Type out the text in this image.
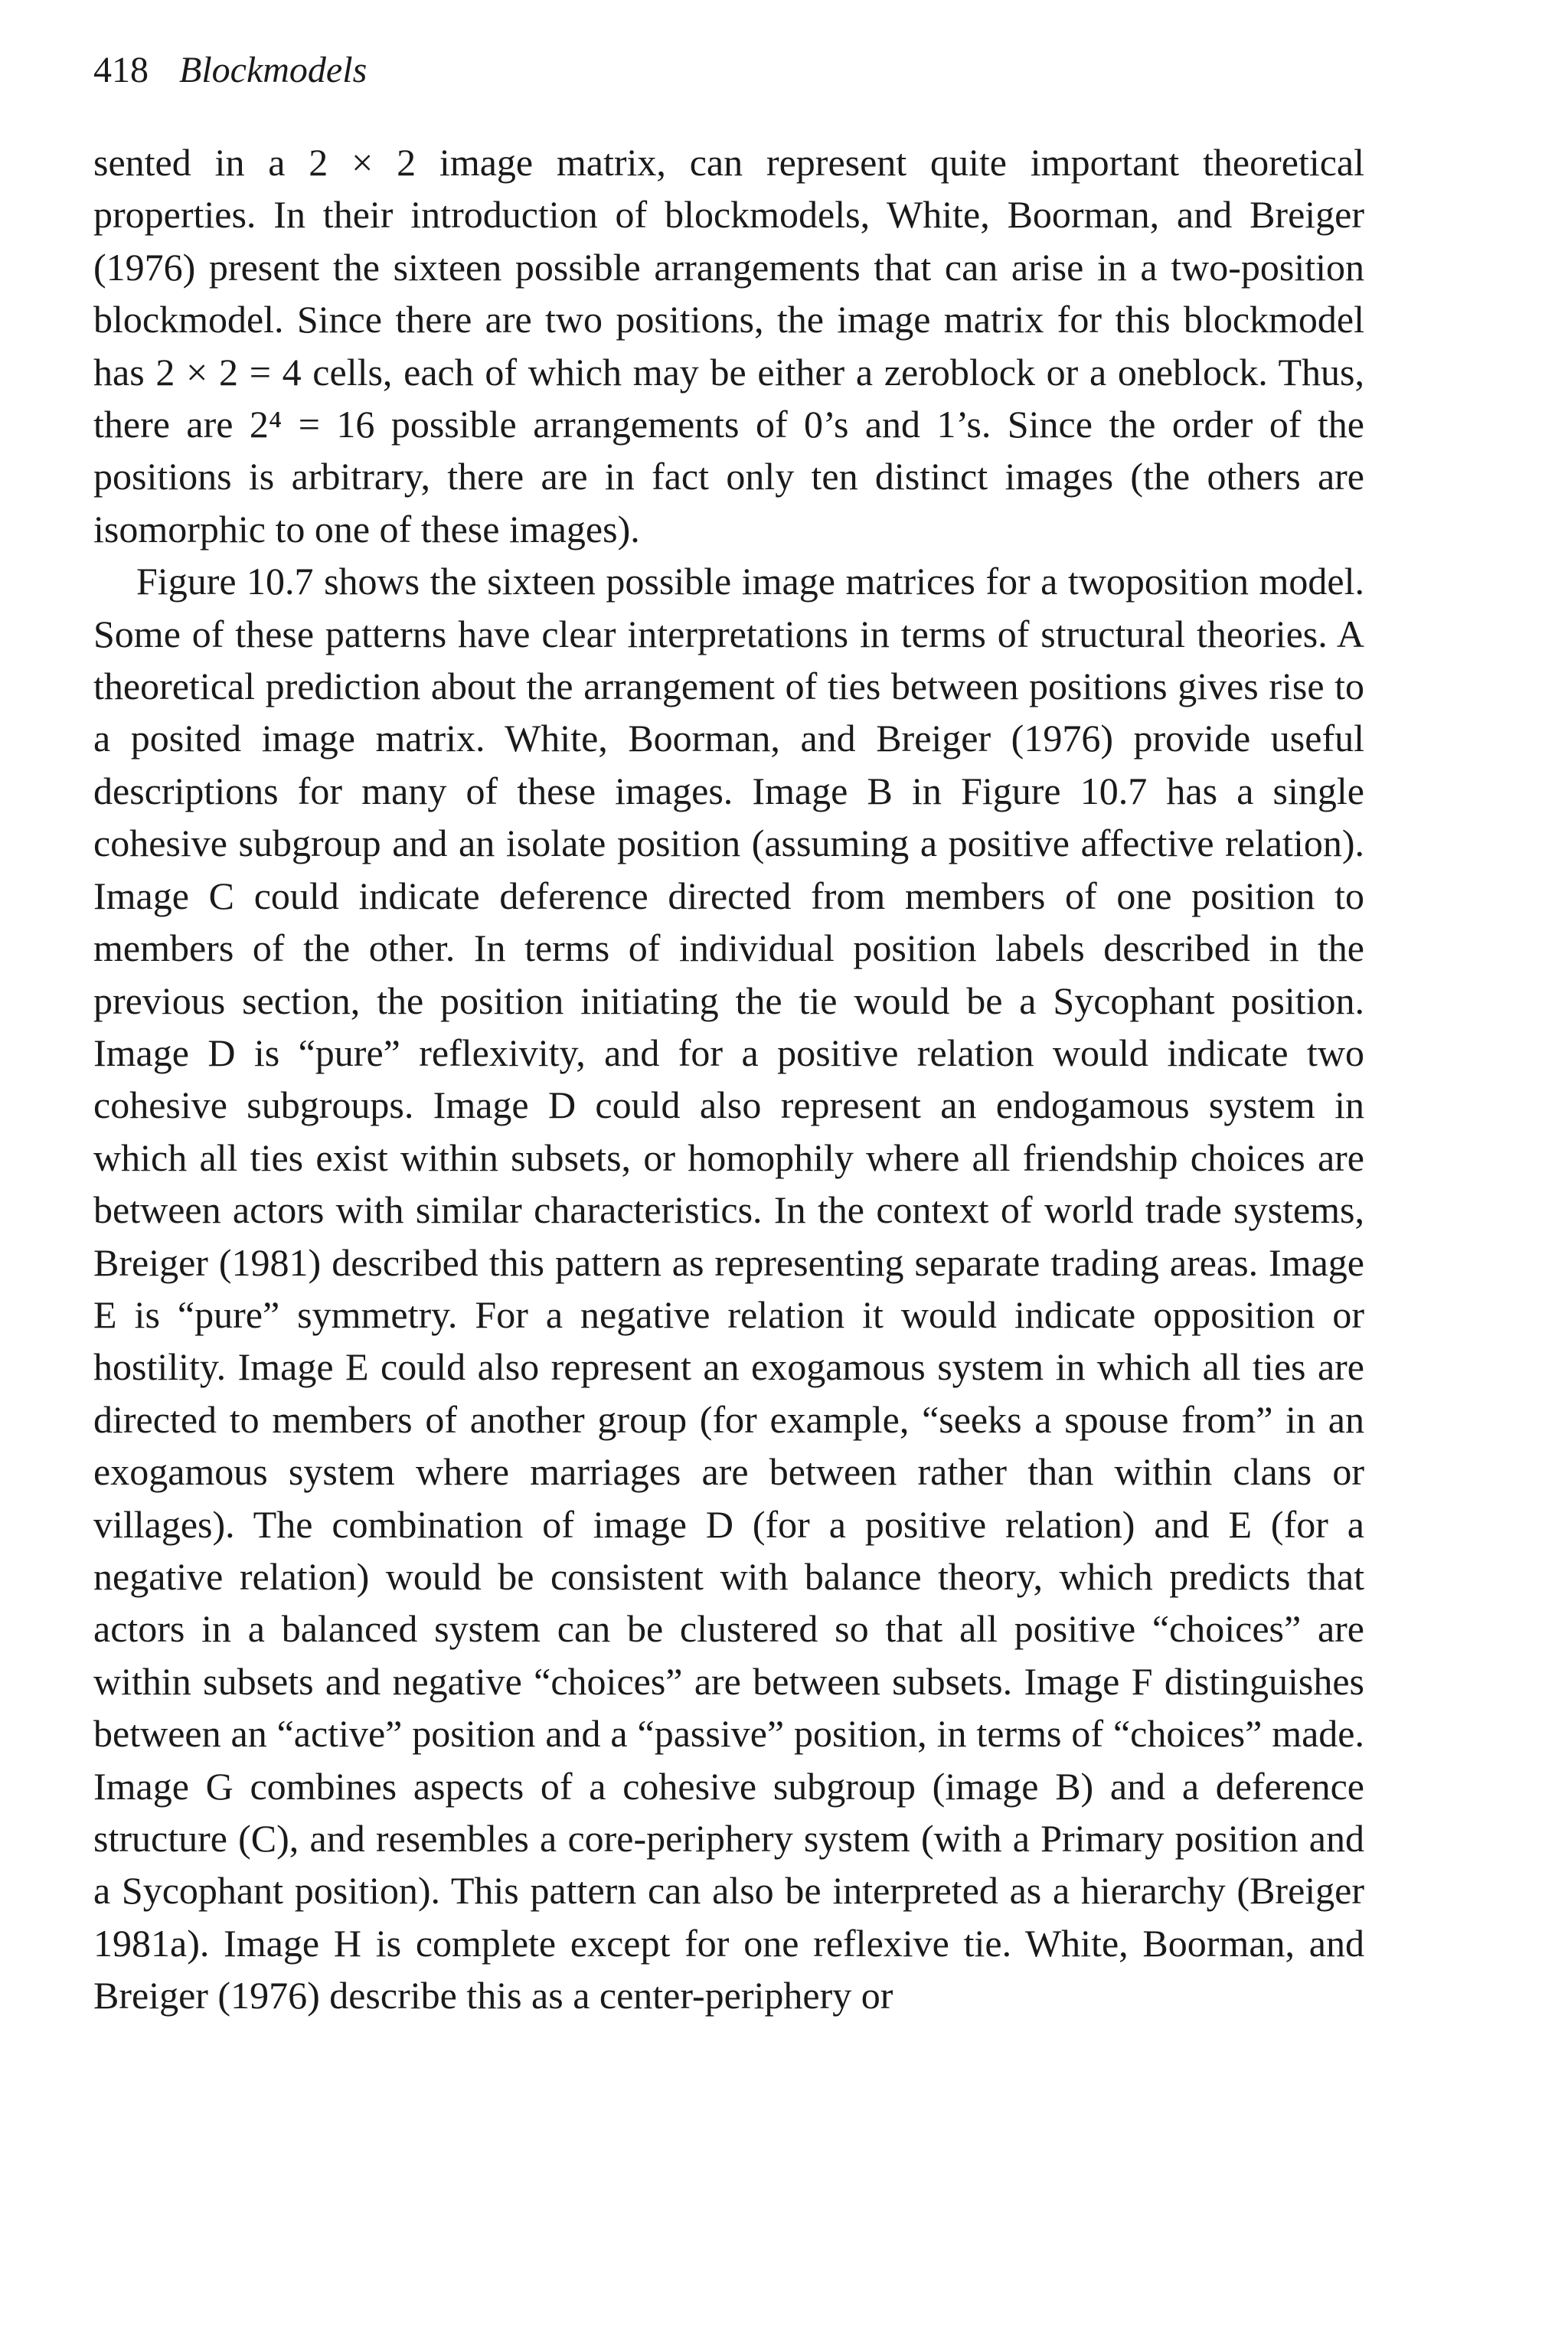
418 Blockmodels

sented in a 2 × 2 image matrix, can represent quite important theoretical properties. In their introduction of blockmodels, White, Boorman, and Breiger (1976) present the sixteen possible arrangements that can arise in a two-position blockmodel. Since there are two positions, the image matrix for this blockmodel has 2 × 2 = 4 cells, each of which may be either a zeroblock or a oneblock. Thus, there are 2⁴ = 16 possible arrangements of 0’s and 1’s. Since the order of the positions is arbitrary, there are in fact only ten distinct images (the others are isomorphic to one of these images).

Figure 10.7 shows the sixteen possible image matrices for a twoposition model. Some of these patterns have clear interpretations in terms of structural theories. A theoretical prediction about the arrangement of ties between positions gives rise to a posited image matrix. White, Boorman, and Breiger (1976) provide useful descriptions for many of these images. Image B in Figure 10.7 has a single cohesive subgroup and an isolate position (assuming a positive affective relation). Image C could indicate deference directed from members of one position to members of the other. In terms of individual position labels described in the previous section, the position initiating the tie would be a Sycophant position. Image D is “pure” reflexivity, and for a positive relation would indicate two cohesive subgroups. Image D could also represent an endogamous system in which all ties exist within subsets, or homophily where all friendship choices are between actors with similar characteristics. In the context of world trade systems, Breiger (1981) described this pattern as representing separate trading areas. Image E is “pure” symmetry. For a negative relation it would indicate opposition or hostility. Image E could also represent an exogamous system in which all ties are directed to members of another group (for example, “seeks a spouse from” in an exogamous system where marriages are between rather than within clans or villages). The combination of image D (for a positive relation) and E (for a negative relation) would be consistent with balance theory, which predicts that actors in a balanced system can be clustered so that all positive “choices” are within subsets and negative “choices” are between subsets. Image F distinguishes between an “active” position and a “passive” position, in terms of “choices” made. Image G combines aspects of a cohesive subgroup (image B) and a deference structure (C), and resembles a core-periphery system (with a Primary position and a Sycophant position). This pattern can also be interpreted as a hierarchy (Breiger 1981a). Image H is complete except for one reflexive tie. White, Boorman, and Breiger (1976) describe this as a center-periphery or
